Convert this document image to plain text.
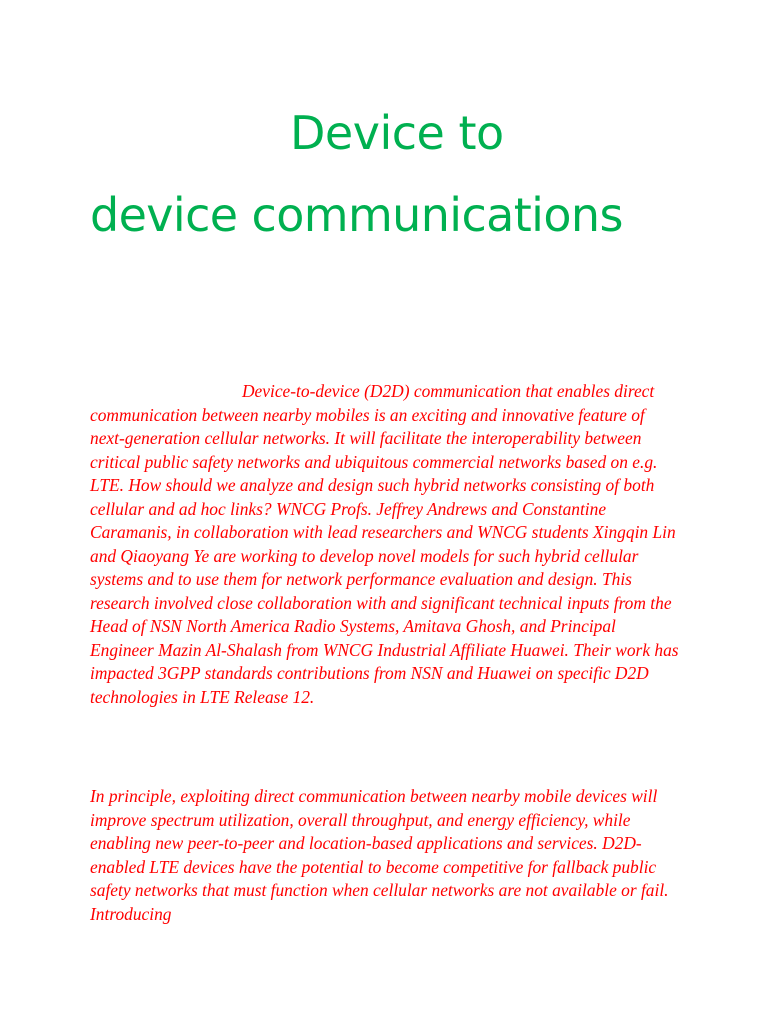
Device to
device communications

Device-to-device (D2D) communication that enables direct communication between nearby mobiles is an exciting and innovative feature of next-generation cellular networks. It will facilitate the interoperability between critical public safety networks and ubiquitous commercial networks based on e.g. LTE. How should we analyze and design such hybrid networks consisting of both cellular and ad hoc links? WNCG Profs. Jeffrey Andrews and Constantine Caramanis, in collaboration with lead researchers and WNCG students Xingqin Lin and Qiaoyang Ye are working to develop novel models for such hybrid cellular systems and to use them for network performance evaluation and design. This research involved close collaboration with and significant technical inputs from the Head of NSN North America Radio Systems, Amitava Ghosh, and Principal Engineer Mazin Al-Shalash from WNCG Industrial Affiliate Huawei. Their work has impacted 3GPP standards contributions from NSN and Huawei on specific D2D technologies in LTE Release 12.

In principle, exploiting direct communication between nearby mobile devices will improve spectrum utilization, overall throughput, and energy efficiency, while enabling new peer-to-peer and location-based applications and services. D2D-enabled LTE devices have the potential to become competitive for fallback public safety networks that must function when cellular networks are not available or fail. Introducing
